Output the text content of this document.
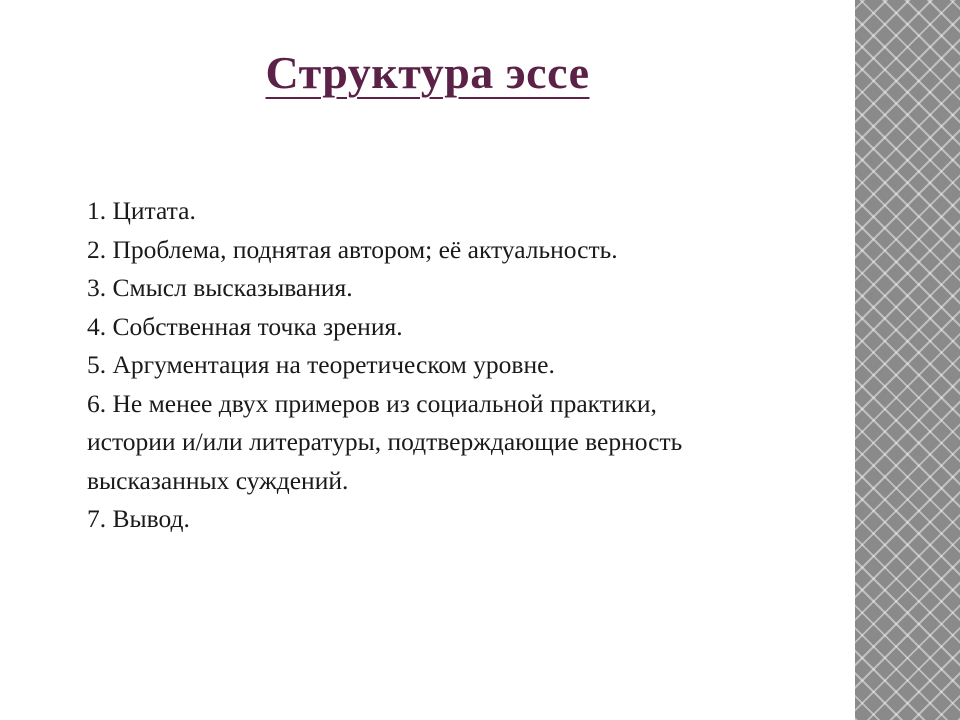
Структура эссе
1. Цитата.
2. Проблема, поднятая автором; её актуальность.
3. Смысл высказывания.
4. Собственная точка зрения.
5. Аргументация на теоретическом уровне.
6. Не менее двух примеров из социальной практики,
истории и/или литературы, подтверждающие верность
высказанных суждений.
7. Вывод.
